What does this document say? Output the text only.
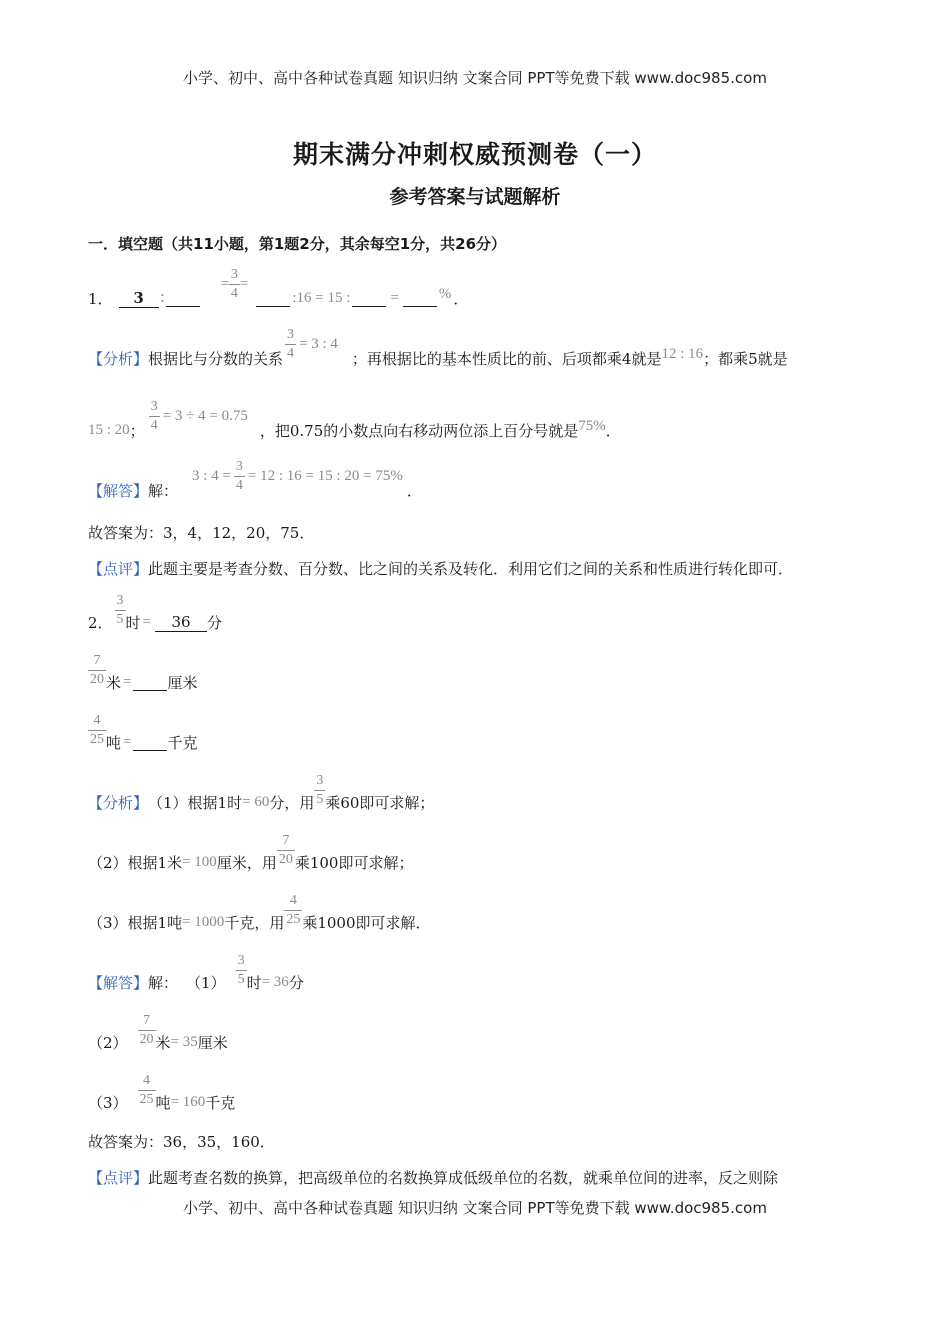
小学、初中、高中各种试卷真题 知识归纳 文案合同 PPT等免费下载 www.doc985.com
期末满分冲刺权威预测卷（一）
参考答案与试题解析
一．填空题（共11小题，第1题2分，其余每空1分，共26分）
1．	3	∶
= $\frac{3}{4}$ =
:16 = 15 :	=	% ．
【分析】 根据比与分数的关系 $\frac{3}{4} = 3$ : 4
；再根据比的基本性质比的前、后项都乘4就是 12 : 16 ；都乘5就是
15 : 20 ； $\frac{3}{4} = 3 \div 4 = 0.75$
，把0.75的小数点向右移动两位添上百分号就是 75% ．
【解答】 解：
3 : $4 = \frac{3}{4} = 12$ : 16 = 15 : 20 = 75%
．
故答案为：3，4，12，20，75．
【点评】此题主要是考查分数、百分数、比之间的关系及转化．利用它们之间的关系和性质进行转化即可．
2． $\frac{3}{5}$ 时 =	36	分
$\frac{7}{20}$ 米 = 厘米
$\frac{4}{25}$ 吨 = 千克
【分析】 （1）根据1时 = 60 分，用 $\frac{3}{5}$ 乘60即可求解；
（2）根据1米 = 100 厘米，用 $\frac{7}{20}$ 乘100即可求解；
（3）根据1吨 = 1000 千克，用 $\frac{4}{25}$ 乘1000即可求解．
【解答】 解： $(1) \frac{3}{5}$ 时 = 36 分
$(2) \frac{7}{20}$ 米 = 35 厘米
$(3) \frac{4}{25}$ 吨 = 160 千克
故答案为：36，35，160．
【点评】此题考查名数的换算，把高级单位的名数换算成低级单位的名数，就乘单位间的进率，反之则除
小学、初中、高中各种试卷真题 知识归纳 文案合同 PPT等免费下载 www.doc985.com
